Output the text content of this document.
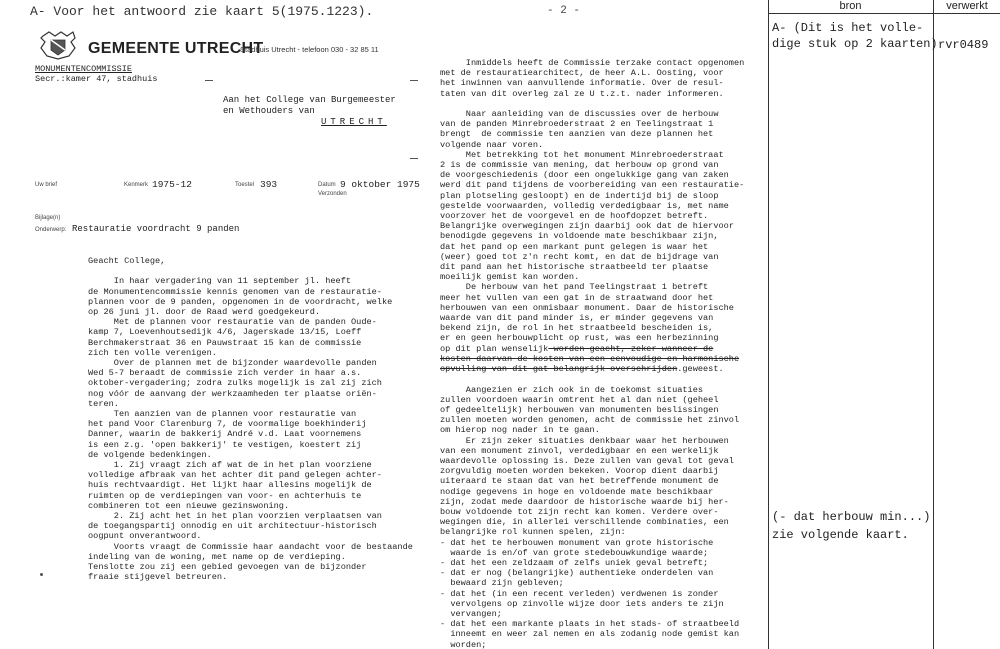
A- Voor het antwoord zie kaart 5(1975.1223).	- 2 -	bron	verwerkt
A- (Dit is het volle-
dige stuk op 2 kaarten) rvr0489
(- dat herbouw min...)
zie volgende kaart.
GEMEENTE UTRECHT
Stadhuis Utrecht - telefoon 030 - 32 85 11
MONUMENTENCOMMISSIE
Secr.:kamer 47, stadhuis
Aan het College van Burgemeester
en Wethouders van
UTRECHT
Uw brief	Kenmerk 1975-12	Toestel 393	Datum 9 oktober 1975
Verzonden
Bijlage(n)
Onderwerp: Restauratie voordracht 9 panden
Geacht College,

In haar vergadering van 11 september jl. heeft
de Monumentencommissie kennis genomen van de restauratie-
plannen voor de 9 panden, opgenomen in de voordracht, welke
op 26 juni jl. door de Raad werd goedgekeurd.
Met de plannen voor restauratie van de panden Oude-
kamp 7, Loevenhoutsedijk 4/6, Jagerskade 13/15, Loeff
Berchmakerstraat 36 en Pauwstraat 15 kan de commissie
zich ten volle verenigen.
Over de plannen met de bijzonder waardevolle panden
Wed 5-7 beraadt de commissie zich verder in haar a.s.
oktober-vergadering; zodra zulks mogelijk is zal zij zich
nog vóór de aanvang der werkzaamheden ter plaatse oriën-
teren.
Ten aanzien van de plannen voor restauratie van
het pand Voor Clarenburg 7, de voormalige boekhinderij
Danner, waarin de bakkerij André v.d. Laat voornemens
is een z.g. 'open bakkerij' te vestigen, koestert zij
de volgende bedenkingen.
1. Zij vraagt zich af wat de in het plan voorziene
volledige afbraak van het achter dit pand gelegen achter-
huis rechtvaardigt. Het lijkt haar allesins mogelijk de
ruimten op de verdiepingen van voor- en achterhuis te
combineren tot een nieuwe gezinswoning.
2. Zij acht het in het plan voorzien verplaatsen van
de toegangspartij onnodig en uit architectuur-historisch
oogpunt onverantwoord.
Voorts vraagt de Commissie haar aandacht voor de bestaande
indeling van de woning, met name op de verdieping.
Tenslotte zou zij een gebied gevoegen van de bijzonder
fraaie stijgevel betreuren.
Inmiddels heeft de Commissie terzake contact opgenomen
met de restauratiearchitect, de heer A.L. Oosting, voor
het inwinnen van aanvullende informatie. Over de resul-
taten van dit overleg zal ze U t.z.t. nader informeren.

Naar aanleiding van de discussies over de herbouw
van de panden Minrebroederstraat 2 en Teelingstraat 1
brengt  de commissie ten aanzien van deze plannen het
volgende naar voren.
Met betrekking tot het monument Minrebroederstraat
2 is de commissie van mening, dat herbouw op grond van
de voorgeschiedenis (door een ongelukkige gang van zaken
werd dit pand tijdens de voorbereiding van een restauratie-
plan plotseling gesloopt) en de indertijd bij de sloop
gestelde voorwaarden, volledig verdedigbaar is, met name
voorzover het de voorgevel en de hoofdopzet betreft.
Belangrijke overwegingen zijn daarbij ook dat de hiervoor
benodigde gegevens in voldoende mate beschikbaar zijn,
dat het pand op een markant punt gelegen is waar het
(weer) goed tot z'n recht komt, en dat de bijdrage van
dit pand aan het historische straatbeeld ter plaatse
moeilijk gemist kan worden.
De herbouw van het pand Teelingstraat 1 betreft
meer het vullen van een gat in de straatwand door het
herbouwen van een onmisbaar monument. Daar de historische
waarde van dit pand minder is, er minder gegevens van
bekend zijn, de rol in het straatbeeld bescheiden is,
er en geen herbouwplicht op rust, was een herbezinning
op dit plan wenselijk worden geacht, zeker wanneer de
kosten daarvan de kosten van een eenvoudige en harmonische
opvulling van dit gat belangrijk overschrijden.geweest.

Aangezien er zich ook in de toekomst situaties
zullen voordoen waarin omtrent het al dan niet (geheel
of gedeeltelijk) herbouwen van monumenten beslissingen
zullen moeten worden genomen, acht de commissie het zinvol
om hierop nog nader in te gaan.
Er zijn zeker situaties denkbaar waar het herbouwen
van een monument zinvol, verdedigbaar en een werkelijk
waardevolle oplossing is. Deze zullen van geval tot geval
zorgvuldig moeten worden bekeken. Voorop dient daarbij
uiteraard te staan dat van het betreffende monument de
nodige gegevens in hoge en voldoende mate beschikbaar
zijn, zodat mede daardoor de historische waarde bij her-
bouw voldoende tot zijn recht kan komen. Verdere over-
wegingen die, in allerlei verschillende combinaties, een
belangrijke rol kunnen spelen, zijn:
- dat het te herbouwen monument van grote historische
waarde is en/of van grote stedebouwkundige waarde;
- dat het een zeldzaam of zelfs uniek geval betreft;
- dat er nog (belangrijke) authentieke onderdelen van
bewaard zijn gebleven;
- dat het (in een recent verleden) verdwenen is zonder
vervolgens op zinvolle wijze door iets anders te zijn
vervangen;
- dat het een markante plaats in het stads- of straatbeeld
inneemt en weer zal nemen en als zodanig node gemist kan
worden;
